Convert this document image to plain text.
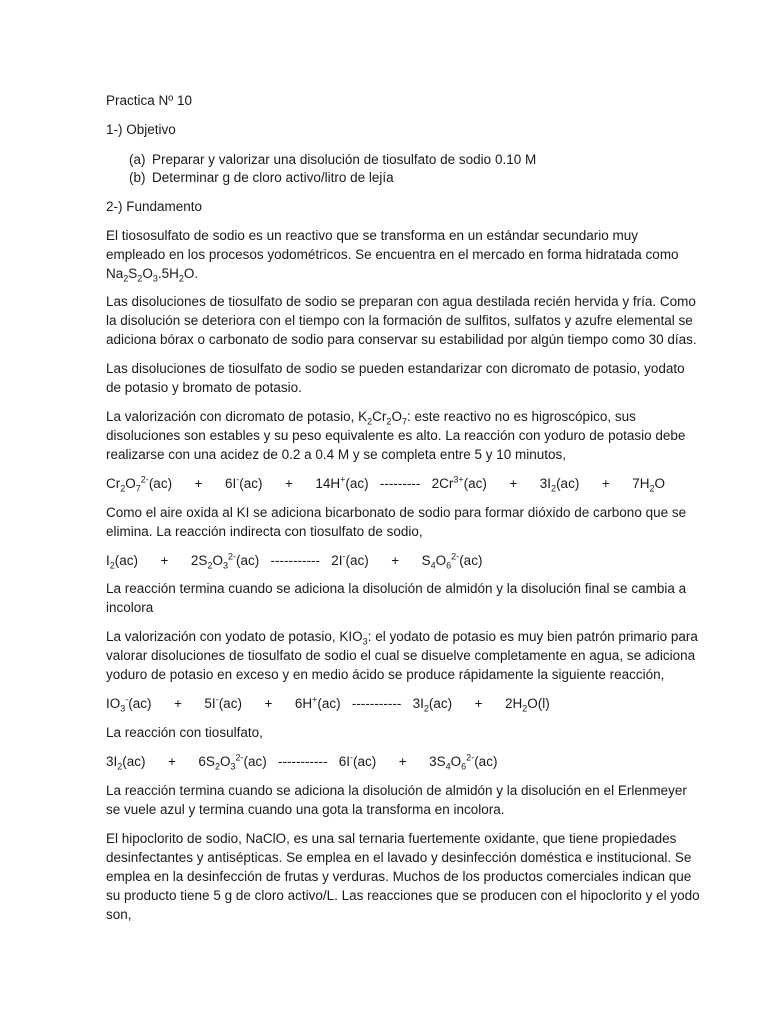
Practica Nº 10
1-) Objetivo
(a) Preparar y valorizar una disolución de tiosulfato de sodio 0.10 M
(b) Determinar g de cloro activo/litro de lejía
2-) Fundamento
El tiososulfato de sodio es un reactivo que se transforma en un estándar secundario muy
empleado en los procesos yodométricos. Se encuentra en el mercado en forma hidratada como
$Na_2S_2O_3.5H_2O$.
Las disoluciones de tiosulfato de sodio se preparan con agua destilada recién hervida y fría. Como
la disolución se deteriora con el tiempo con la formación de sulfitos, sulfatos y azufre elemental se
adiciona bórax o carbonato de sodio para conservar su estabilidad por algún tiempo como 30 días.
Las disoluciones de tiosulfato de sodio se pueden estandarizar con dicromato de potasio, yodato
de potasio y bromato de potasio.
La valorización con dicromato de potasio, $K_2Cr_2O_7$: este reactivo no es higroscópico, sus
disoluciones son estables y su peso equivalente es alto. La reacción con yoduro de potasio debe
realizarse con una acidez de 0.2 a 0.4 M y se completa entre 5 y 10 minutos,
$Cr_2O_7^{2-}(ac)$      +      6I-(ac)      +      14H+(ac)   ---------   $2Cr^{3+}(ac)$      +      $3I_2(ac)$      +      $7H_2O$
Como el aire oxida al KI se adiciona bicarbonato de sodio para formar dióxido de carbono que se
elimina. La reacción indirecta con tiosulfato de sodio,
$I_2(ac)$      +      $2S_2O_3^{2-}(ac)$   -----------   2I-(ac)      +      $S_4O_6^{2-}(ac)$
La reacción termina cuando se adiciona la disolución de almidón y la disolución final se cambia a
incolora
La valorización con yodato de potasio, $KIO_3$: el yodato de potasio es muy bien patrón primario para
valorar disoluciones de tiosulfato de sodio el cual se disuelve completamente en agua, se adiciona
yoduro de potasio en exceso y en medio ácido se produce rápidamente la siguiente reacción,
$IO_3^-(ac)$      +      5I-(ac)      +      6H+(ac)   -----------   $3I_2(ac)$      +      $2H_2O(l)$
La reacción con tiosulfato,
$3I_2(ac)$      +      $6S_2O_3^{2-}(ac)$   -----------   6I-(ac)      +      $3S_4O_6^{2-}(ac)$
La reacción termina cuando se adiciona la disolución de almidón y la disolución en el Erlenmeyer
se vuele azul y termina cuando una gota la transforma en incolora.
El hipoclorito de sodio, NaClO, es una sal ternaria fuertemente oxidante, que tiene propiedades
desinfectantes y antisépticas. Se emplea en el lavado y desinfección doméstica e institucional. Se
emplea en la desinfección de frutas y verduras. Muchos de los productos comerciales indican que
su producto tiene 5 g de cloro activo/L. Las reacciones que se producen con el hipoclorito y el yodo
son,
